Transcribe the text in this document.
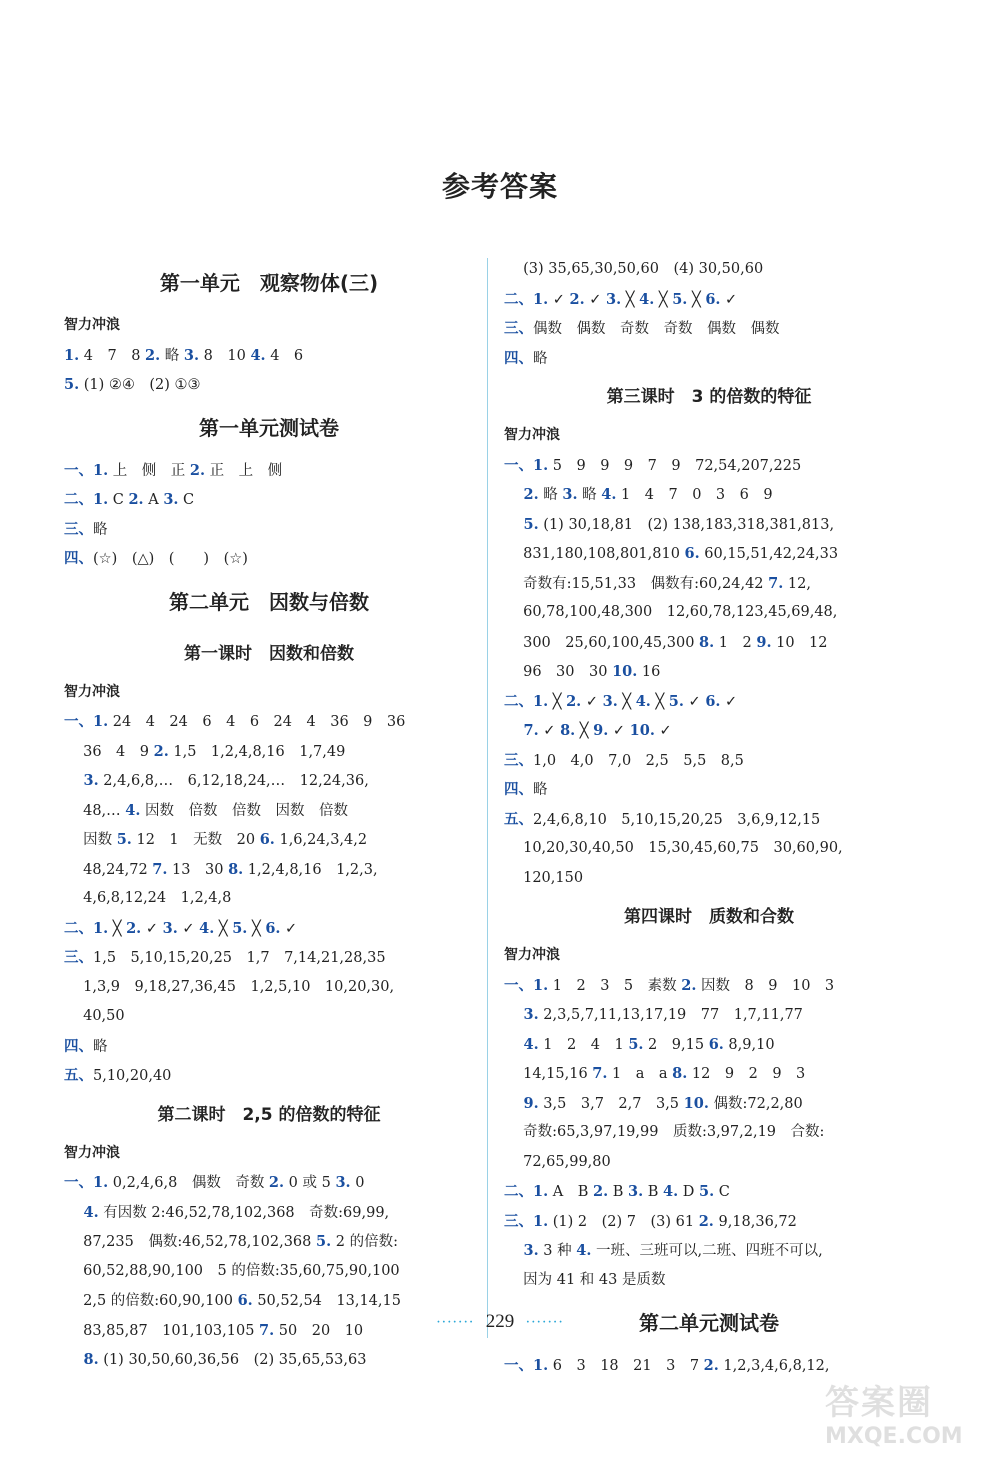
参考答案
第一单元　观察物体(三)
智力冲浪
1. 4　7　8 2. 略 3. 8　10 4. 4　6
5. (1) ②④　(2) ①③
第一单元测试卷
一、1. 上　侧　正 2. 正　上　侧
二、1. C 2. A 3. C
三、略
四、(☆)　(△)　(　　)　(☆)
第二单元　因数与倍数
第一课时　因数和倍数
智力冲浪
一、1. 24　4　24　6　4　6　24　4　36　9　36
　 36　4　9 2. 1,5　1,2,4,8,16　1,7,49
　 3. 2,4,6,8,…　6,12,18,24,…　12,24,36,
　 48,… 4. 因数　倍数　倍数　因数　倍数
　 因数 5. 12　1　无数　20 6. 1,6,24,3,4,2
　 48,24,72 7. 13　30 8. 1,2,4,8,16　1,2,3,
　 4,6,8,12,24　1,2,4,8
二、1. ╳ 2. ✓ 3. ✓ 4. ╳ 5. ╳ 6. ✓
三、1,5　5,10,15,20,25　1,7　7,14,21,28,35
　 1,3,9　9,18,27,36,45　1,2,5,10　10,20,30,
　 40,50
四、略
五、5,10,20,40
第二课时　2,5 的倍数的特征
智力冲浪
一、1. 0,2,4,6,8　偶数　奇数 2. 0 或 5 3. 0
　 4. 有因数 2:46,52,78,102,368　奇数:69,99,
　 87,235　偶数:46,52,78,102,368 5. 2 的倍数:
　 60,52,88,90,100　5 的倍数:35,60,75,90,100
　 2,5 的倍数:60,90,100 6. 50,52,54　13,14,15
　 83,85,87　101,103,105 7. 50　20　10
　 8. (1) 30,50,60,36,56　(2) 35,65,53,63
　 (3) 35,65,30,50,60　(4) 30,50,60
二、1. ✓ 2. ✓ 3. ╳ 4. ╳ 5. ╳ 6. ✓
三、偶数　偶数　奇数　奇数　偶数　偶数
四、略
第三课时　3 的倍数的特征
智力冲浪
一、1. 5　9　9　9　7　9　72,54,207,225
　 2. 略 3. 略 4. 1　4　7　0　3　6　9
　 5. (1) 30,18,81　(2) 138,183,318,381,813,
　 831,180,108,801,810 6. 60,15,51,42,24,33
　 奇数有:15,51,33　偶数有:60,24,42 7. 12,
　 60,78,100,48,300　12,60,78,123,45,69,48,
　 300　25,60,100,45,300 8. 1　2 9. 10　12
　 96　30　30 10. 16
二、1. ╳ 2. ✓ 3. ╳ 4. ╳ 5. ✓ 6. ✓
　 7. ✓ 8. ╳ 9. ✓ 10. ✓
三、1,0　4,0　7,0　2,5　5,5　8,5
四、略
五、2,4,6,8,10　5,10,15,20,25　3,6,9,12,15
　 10,20,30,40,50　15,30,45,60,75　30,60,90,
　 120,150
第四课时　质数和合数
智力冲浪
一、1. 1　2　3　5　素数 2. 因数　8　9　10　3
　 3. 2,3,5,7,11,13,17,19　77　1,7,11,77
　 4. 1　2　4　1 5. 2　9,15 6. 8,9,10
　 14,15,16 7. 1　a　a 8. 12　9　2　9　3
　 9. 3,5　3,7　2,7　3,5 10. 偶数:72,2,80
　 奇数:65,3,97,19,99　质数:3,97,2,19　合数:
　 72,65,99,80
二、1. A　B 2. B 3. B 4. D 5. C
三、1. (1) 2　(2) 7　(3) 61 2. 9,18,36,72
　 3. 3 种 4. 一班、三班可以,二班、四班不可以,
　 因为 41 和 43 是质数
第二单元测试卷
一、1. 6　3　18　21　3　7 2. 1,2,3,4,6,8,12,
······· 229 ·······
答案圈
MXQE.COM
